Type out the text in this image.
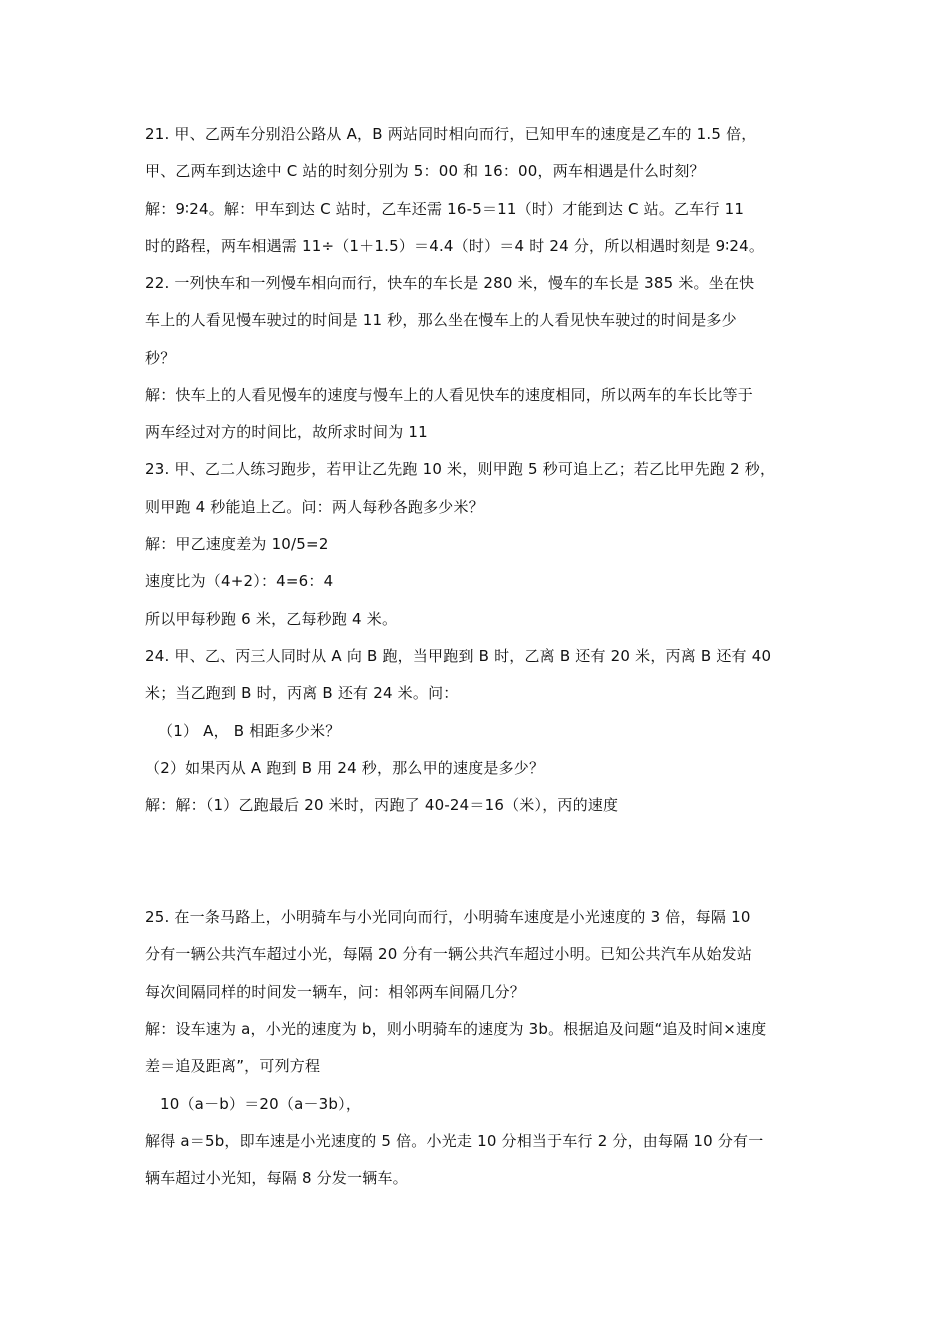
21. 甲、乙两车分别沿公路从 A，B 两站同时相向而行，已知甲车的速度是乙车的 1.5 倍，
甲、乙两车到达途中 C 站的时刻分别为 5：00 和 16：00，两车相遇是什么时刻？
解：9∶24。解：甲车到达 C 站时，乙车还需 16-5＝11（时）才能到达 C 站。乙车行 11
时的路程，两车相遇需 11÷（1＋1.5）＝4.4（时）＝4 时 24 分，所以相遇时刻是 9∶24。
22. 一列快车和一列慢车相向而行，快车的车长是 280 米，慢车的车长是 385 米。坐在快
车上的人看见慢车驶过的时间是 11 秒，那么坐在慢车上的人看见快车驶过的时间是多少
秒？
解：快车上的人看见慢车的速度与慢车上的人看见快车的速度相同，所以两车的车长比等于
两车经过对方的时间比，故所求时间为 11
23. 甲、乙二人练习跑步，若甲让乙先跑 10 米，则甲跑 5 秒可追上乙；若乙比甲先跑 2 秒，
则甲跑 4 秒能追上乙。问：两人每秒各跑多少米？
解：甲乙速度差为 10/5=2
速度比为（4+2）：4=6：4
所以甲每秒跑 6 米，乙每秒跑 4 米。
24. 甲、乙、丙三人同时从 A 向 B 跑，当甲跑到 B 时，乙离 B 还有 20 米，丙离 B 还有 40
米；当乙跑到 B 时，丙离 B 还有 24 米。问：
（1） A， B 相距多少米？
（2）如果丙从 A 跑到 B 用 24 秒，那么甲的速度是多少？
解：解：（1）乙跑最后 20 米时，丙跑了 40-24＝16（米），丙的速度
25. 在一条马路上，小明骑车与小光同向而行，小明骑车速度是小光速度的 3 倍，每隔 10
分有一辆公共汽车超过小光，每隔 20 分有一辆公共汽车超过小明。已知公共汽车从始发站
每次间隔同样的时间发一辆车，问：相邻两车间隔几分？
解：设车速为 a，小光的速度为 b，则小明骑车的速度为 3b。根据追及问题“追及时间×速度
差＝追及距离”，可列方程
10（a－b）＝20（a－3b），
解得 a＝5b，即车速是小光速度的 5 倍。小光走 10 分相当于车行 2 分，由每隔 10 分有一
辆车超过小光知，每隔 8 分发一辆车。
